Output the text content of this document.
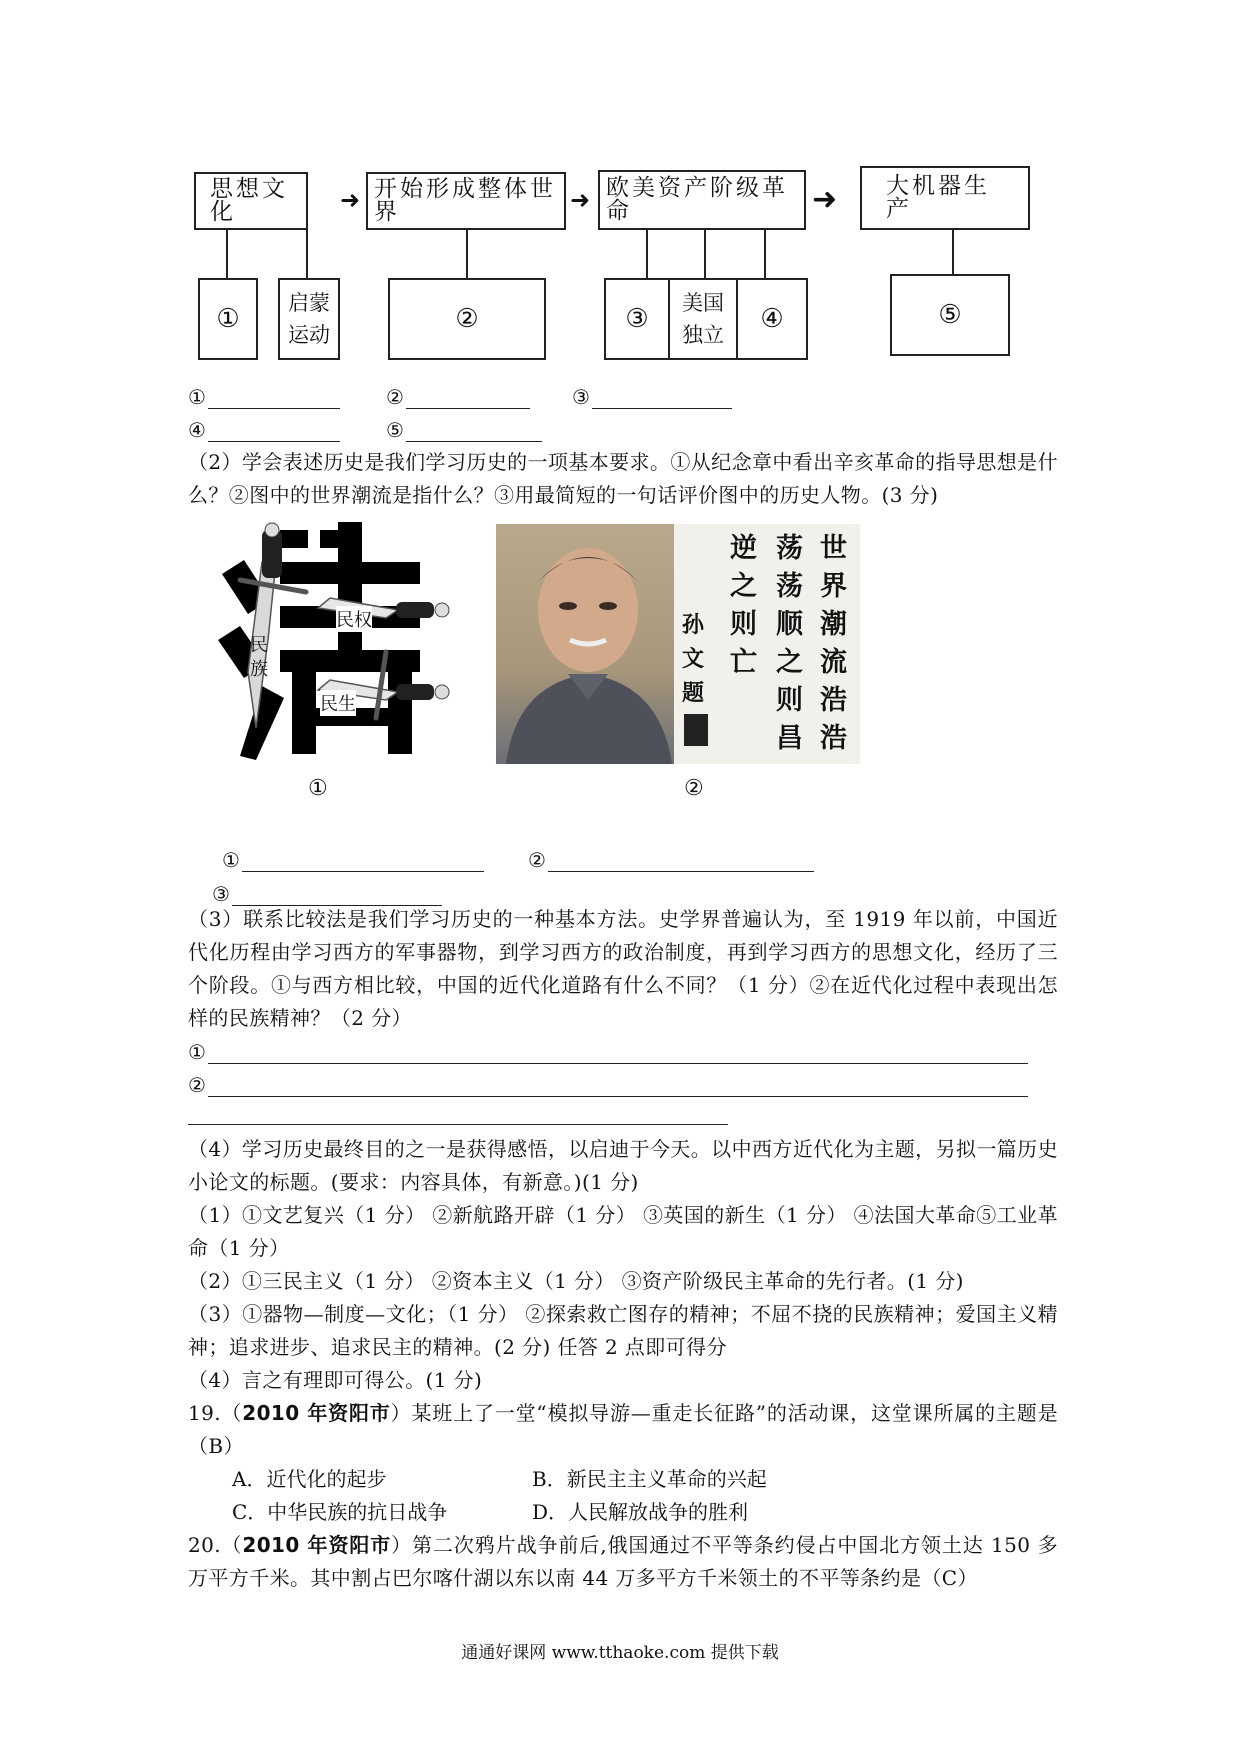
思想文化	➜ 开始形成整体世界	➜ 欧美资产阶级革命	➜ 大机器生产
①
启蒙运动
②	③
美国独立
④	⑤
①	②	③
④	⑤

（2）学会表述历史是我们学习历史的一项基本要求。①从纪念章中看出辛亥革命的指导思想是什么？②图中的世界潮流是指什么？③用最简短的一句话评价图中的历史人物。(3 分)

民权
民族
民生
①
世界潮流浩浩
荡荡顺之则昌
逆之则亡
孙文题
②
①	②
③

（3）联系比较法是我们学习历史的一种基本方法。史学界普遍认为，至 1919 年以前，中国近代化历程由学习西方的军事器物，到学习西方的政治制度，再到学习西方的思想文化，经历了三个阶段。①与西方相比较，中国的近代化道路有什么不同？（1 分）②在近代化过程中表现出怎样的民族精神？（2 分）

①
②

（4）学习历史最终目的之一是获得感悟，以启迪于今天。以中西方近代化为主题，另拟一篇历史小论文的标题。(要求：内容具体，有新意。)(1 分)

（1）①文艺复兴（1 分） ②新航路开辟（1 分） ③英国的新生（1 分） ④法国大革命⑤工业革命（1 分）

（2）①三民主义（1 分） ②资本主义（1 分） ③资产阶级民主革命的先行者。(1 分)

（3）①器物—制度—文化；（1 分） ②探索救亡图存的精神；不屈不挠的民族精神；爱国主义精神；追求进步、追求民主的精神。(2 分) 任答 2 点即可得分

（4）言之有理即可得公。(1 分)

19.（2010 年资阳市）某班上了一堂“模拟导游—重走长征路”的活动课，这堂课所属的主题是（B）

A．近代化的起步	B．新民主主义革命的兴起
C．中华民族的抗日战争	D．人民解放战争的胜利

20.（2010 年资阳市）第二次鸦片战争前后,俄国通过不平等条约侵占中国北方领土达 150 多万平方千米。其中割占巴尔喀什湖以东以南 44 万多平方千米领土的不平等条约是（C）

通通好课网 www.tthaoke.com 提供下载
